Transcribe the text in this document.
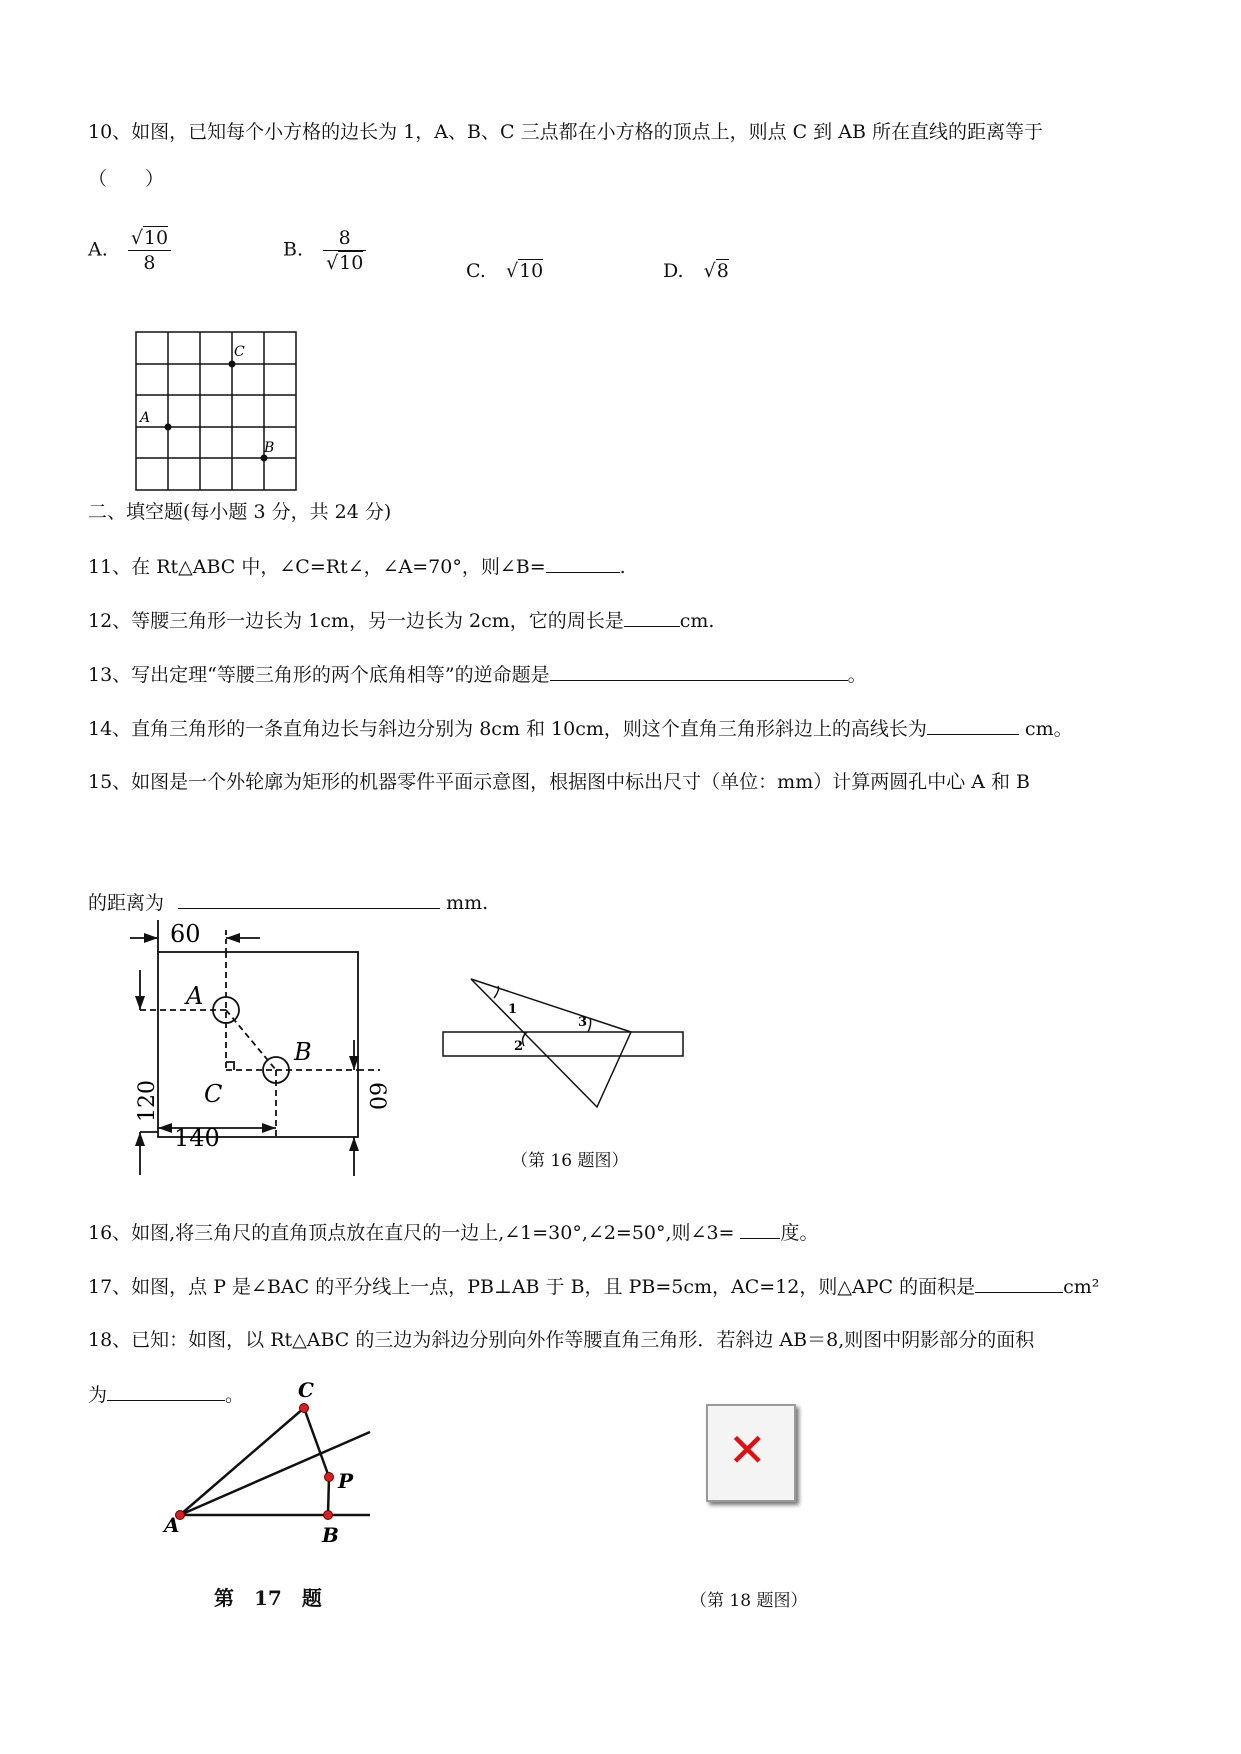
10、如图，已知每个小方格的边长为 1，A、B、C 三点都在小方格的顶点上，则点 C 到 AB 所在直线的距离等于
（　　）
A. $\frac{√10}{8}$	B. $\frac{8}{√10}$	C. √10	D. √8
C
A
B
二、填空题(每小题 3 分，共 24 分)
11、在 Rt△ABC 中，∠C=Rt∠，∠A=70°，则∠B=	.
12、等腰三角形一边长为 1cm，另一边长为 2cm，它的周长是	cm.
13、写出定理“等腰三角形的两个底角相等”的逆命题是	。
14、直角三角形的一条直角边长与斜边分别为 8cm 和 10cm，则这个直角三角形斜边上的高线长为	cm。
15、如图是一个外轮廓为矩形的机器零件平面示意图，根据图中标出尺寸（单位：mm）计算两圆孔中心 A 和 B
的距离为	mm.
60
120
140
60
A
B
C
1
3
2
（第 16 题图）
16、如图,将三角尺的直角顶点放在直尺的一边上,∠1=30°,∠2=50°,则∠3= 度。
17、如图，点 P 是∠BAC 的平分线上一点，PB⊥AB 于 B，且 PB=5cm，AC=12，则△APC 的面积是	cm²
18、已知：如图，以 Rt△ABC 的三边为斜边分别向外作等腰直角三角形．若斜边 AB＝8,则图中阴影部分的面积
为	。
A	B
C
P
第　17　题
✕
（第 18 题图）
